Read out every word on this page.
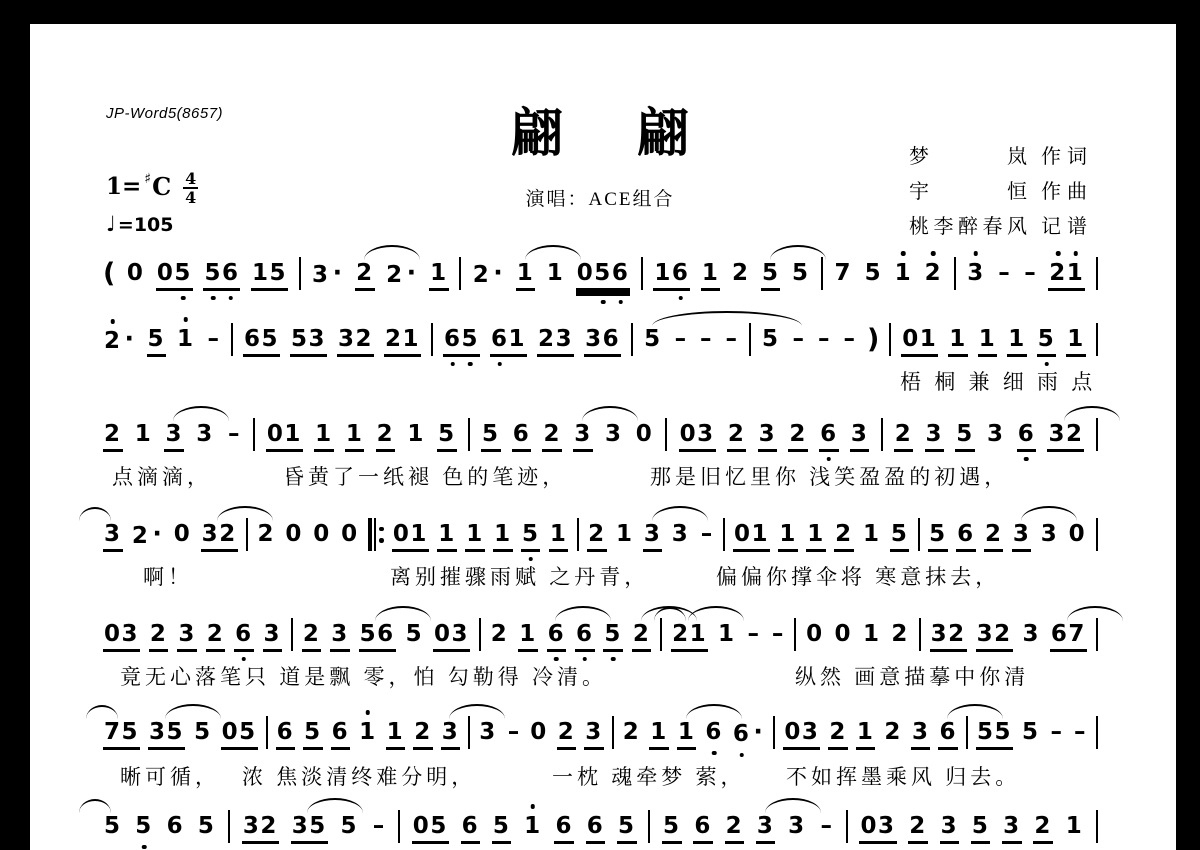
JP-Word5(8657)	翩 翩
演唱：ACE组合
1= ♯ C $\frac{4}{4}$
♩ =105
梦岚 作词
宇恒 作曲
桃李醉春风 记谱
( 0 05 5
6 15 3 · 2 2 · 1 2 · 1 1 05
6 16 1 2 5 5 7 5 1 2 3 – – 2
1
2 · 5 1 – 65 53 32 21 6
5 6
1 23 36 5 – – – 5 – – – ) 01 1 1 1 5 1
2 1 3 3 – 01 1 1 2 1 5 5 6 2 3 3 0 03 2 3 2 6 3 2 3 5 3 6 32
3 2 · 0 32 2 0 0 0 01 1 1 1 5 1 2 1 3 3 – 01 1 1 2 1 5 5 6 2 3 3 0
03 2 3 2 6 3 2 3 56 5 03 2 1 6 6 5 2 21 1 – – 0 0 1 2 32 32 3 67
75 35 5 05 6 5 6 1 1 2 3 3 – 0 2 3 2 1 1 6 6 · 03 2 1 2 3 6 55 5 – –
5 5 6 5 32 35 5 – 05 6 5 1 6 6 5 5 6 2 3 3 – 03 2 3 5 3 2 1
梧 桐 兼 细 雨 点
点滴滴，	昏黄了一纸褪 色的笔迹，	那是旧忆里你 浅笑盈盈的初遇，
啊！	离别摧骤雨赋 之丹青，	偏偏你撑伞将 寒意抹去，
竟无心落笔只 道是飘 零，怕 勾勒得 冷清。	纵然 画意描摹中你清
晰可循， 浓 焦淡清终难分明，	一枕 魂牵梦 萦， 不如挥墨乘风 归去。
